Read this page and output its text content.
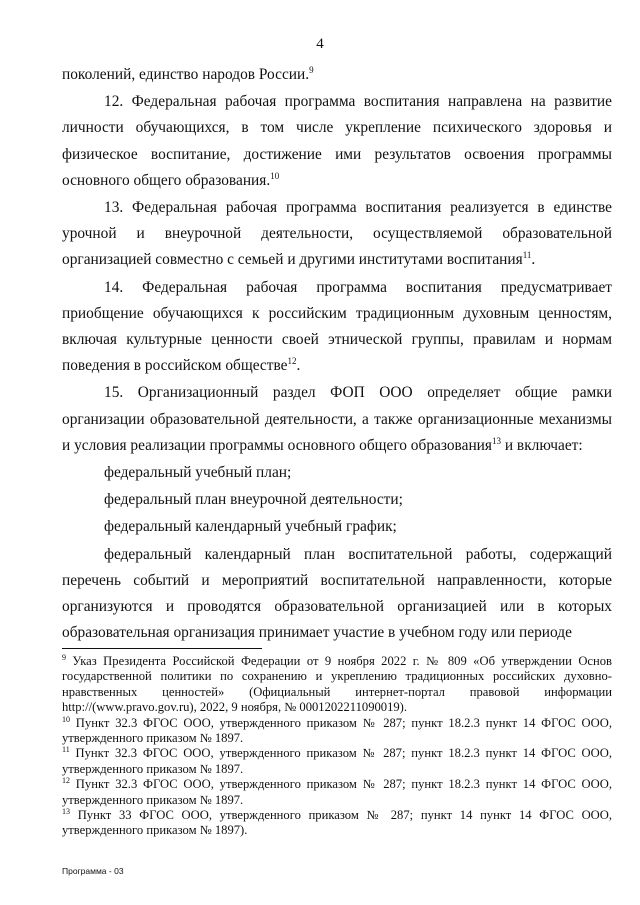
4

поколений, единство народов России.$^9$

12. Федеральная рабочая программа воспитания направлена на развитие личности обучающихся, в том числе укрепление психического здоровья и физическое воспитание, достижение ими результатов освоения программы основного общего образования.$^{10}$

13. Федеральная рабочая программа воспитания реализуется в единстве урочной и внеурочной деятельности, осуществляемой образовательной организацией совместно с семьей и другими институтами воспитания$^{11}$.

14. Федеральная рабочая программа воспитания предусматривает приобщение обучающихся к российским традиционным духовным ценностям, включая культурные ценности своей этнической группы, правилам и нормам поведения в российском обществе$^{12}$.

15. Организационный раздел ФОП ООО определяет общие рамки организации образовательной деятельности, а также организационные механизмы и условия реализации программы основного общего образования$^{13}$ и включает:

федеральный учебный план;

федеральный план внеурочной деятельности;

федеральный календарный учебный график;

федеральный календарный план воспитательной работы, содержащий перечень событий и мероприятий воспитательной направленности, которые организуются и проводятся образовательной организацией или в которых образовательная организация принимает участие в учебном году или периоде

$^9$ Указ Президента Российской Федерации от 9 ноября 2022 г. № 809 «Об утверждении Основ государственной политики по сохранению и укреплению традиционных российских духовно-нравственных ценностей» (Официальный интернет-портал правовой информации http://(www.pravo.gov.ru), 2022, 9 ноября, № 0001202211090019).

$^{10}$ Пункт 32.3 ФГОС ООО, утвержденного приказом № 287; пункт 18.2.3 пункт 14 ФГОС ООО, утвержденного приказом № 1897.

$^{11}$ Пункт 32.3 ФГОС ООО, утвержденного приказом № 287; пункт 18.2.3 пункт 14 ФГОС ООО, утвержденного приказом № 1897.

$^{12}$ Пункт 32.3 ФГОС ООО, утвержденного приказом № 287; пункт 18.2.3 пункт 14 ФГОС ООО, утвержденного приказом № 1897.

$^{13}$ Пункт 33 ФГОС ООО, утвержденного приказом № 287; пункт 14 пункт 14 ФГОС ООО, утвержденного приказом № 1897).

Программа - 03
